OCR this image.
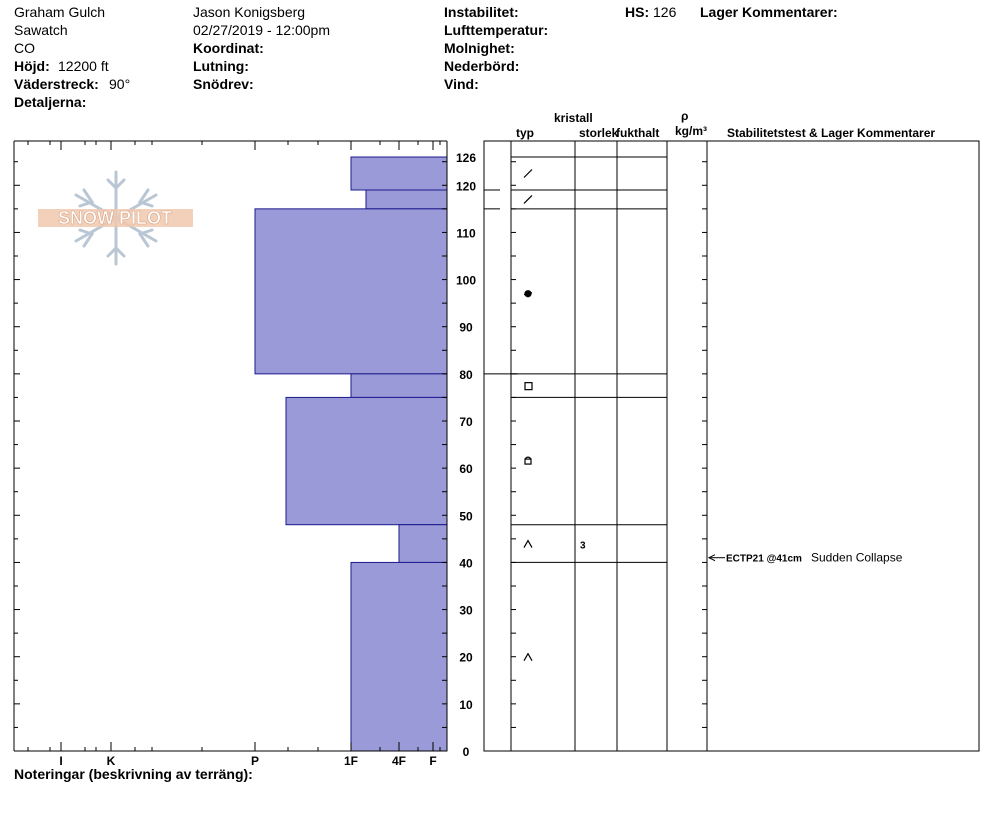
Graham Gulch
Sawatch
CO
Höjd: 12200 ft
Väderstreck: 90°
Detaljerna:
Jason Konigsberg
02/27/2019 - 12:00pm
Koordinat:
Lutning:
Snödrev:
Instabilitet:
Lufttemperatur:
Molnighet:
Nederbörd:
Vind:
HS: 126 Lager Kommentarer:
kristall
typ	storlek
fukthalt
ρ
kg/m³ Stabilitetstest & Lager Kommentarer
SNOW PILOT
F
4F
1F
P
K
I
0
10
20
30
40
50
60
70
80
90
100
110
120
126
3
ECTP21 @41cm Sudden Collapse
Noteringar (beskrivning av terräng):
